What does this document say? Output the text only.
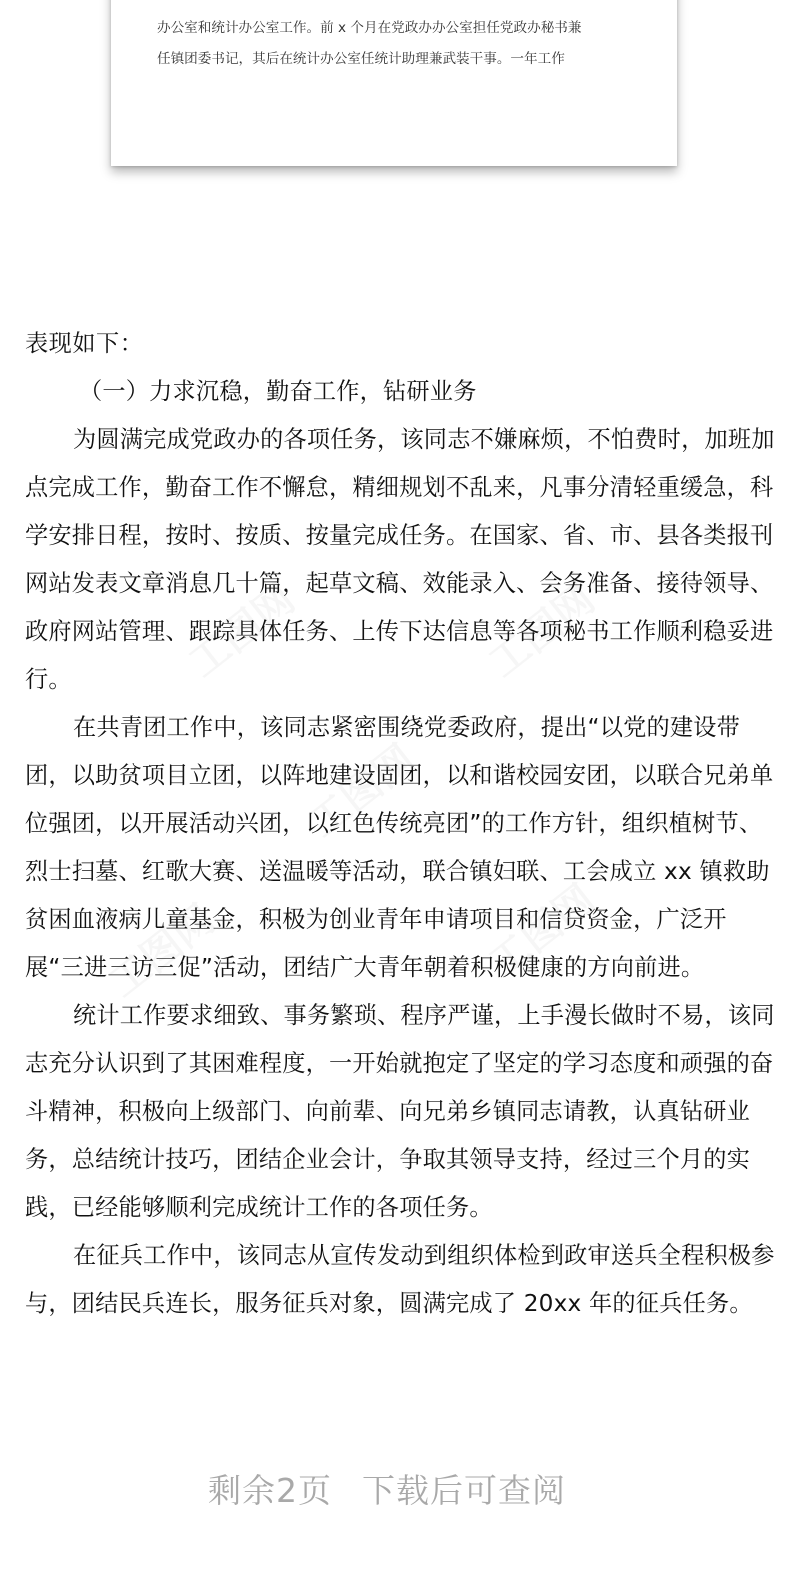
办公室和统计办公室工作。前 x 个月在党政办办公室担任党政办秘书兼
任镇团委书记，其后在统计办公室任统计助理兼武装干事。一年工作

表现如下：

（一）力求沉稳，勤奋工作，钻研业务

为圆满完成党政办的各项任务，该同志不嫌麻烦，不怕费时，加班加点完成工作，勤奋工作不懈怠，精细规划不乱来，凡事分清轻重缓急，科学安排日程，按时、按质、按量完成任务。在国家、省、市、县各类报刊网站发表文章消息几十篇，起草文稿、效能录入、会务准备、接待领导、政府网站管理、跟踪具体任务、上传下达信息等各项秘书工作顺利稳妥进行。

在共青团工作中，该同志紧密围绕党委政府，提出“以党的建设带团，以助贫项目立团，以阵地建设固团，以和谐校园安团，以联合兄弟单位强团，以开展活动兴团，以红色传统亮团”的工作方针，组织植树节、烈士扫墓、红歌大赛、送温暖等活动，联合镇妇联、工会成立 xx 镇救助贫困血液病儿童基金，积极为创业青年申请项目和信贷资金，广泛开展“三进三访三促”活动，团结广大青年朝着积极健康的方向前进。

统计工作要求细致、事务繁琐、程序严谨，上手漫长做时不易，该同志充分认识到了其困难程度，一开始就抱定了坚定的学习态度和顽强的奋斗精神，积极向上级部门、向前辈、向兄弟乡镇同志请教，认真钻研业务，总结统计技巧，团结企业会计，争取其领导支持，经过三个月的实践，已经能够顺利完成统计工作的各项任务。

在征兵工作中，该同志从宣传发动到组织体检到政审送兵全程积极参与，团结民兵连长，服务征兵对象，圆满完成了 20xx 年的征兵任务。

剩余2页 下载后可查阅
